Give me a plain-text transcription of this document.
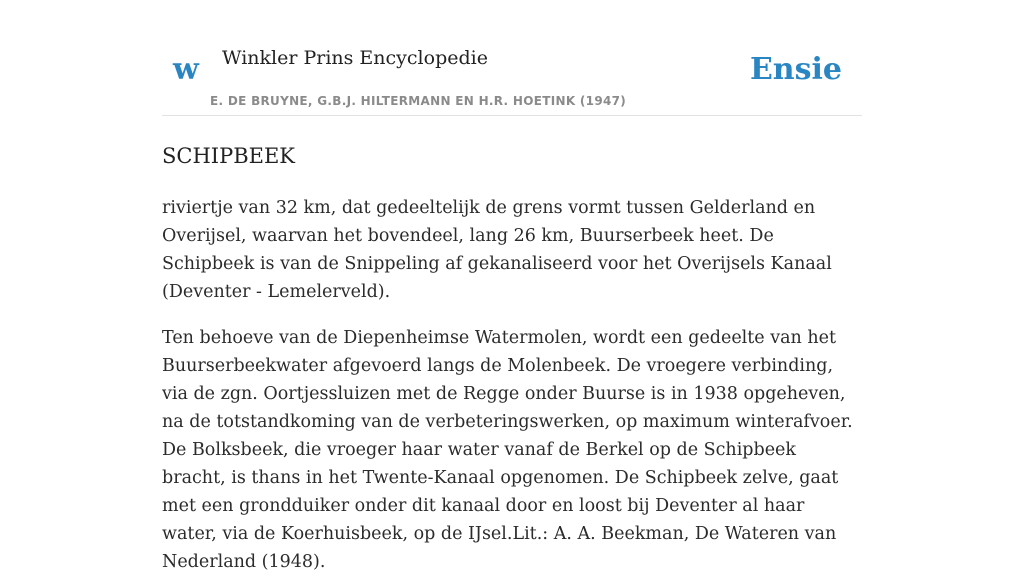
w Winkler Prins Encyclopedie
E. DE BRUYNE, G.B.J. HILTERMANN EN H.R. HOETINK (1947)
Ensie
SCHIPBEEK

riviertje van 32 km, dat gedeeltelijk de grens vormt tussen Gelderland en Overijsel, waarvan het bovendeel, lang 26 km, Buurserbeek heet. De Schipbeek is van de Snippeling af gekanaliseerd voor het Overijsels Kanaal (Deventer - Lemelerveld).

Ten behoeve van de Diepenheimse Watermolen, wordt een gedeelte van het Buurserbeekwater afgevoerd langs de Molenbeek. De vroegere verbinding, via de zgn. Oortjessluizen met de Regge onder Buurse is in 1938 opgeheven, na de totstandkoming van de verbeteringswerken, op maximum winterafvoer. De Bolksbeek, die vroeger haar water vanaf de Berkel op de Schipbeek bracht, is thans in het Twente-Kanaal opgenomen. De Schipbeek zelve, gaat met een grondduiker onder dit kanaal door en loost bij Deventer al haar water, via de Koerhuisbeek, op de IJsel.Lit.: A. A. Beekman, De Wateren van Nederland (1948).
